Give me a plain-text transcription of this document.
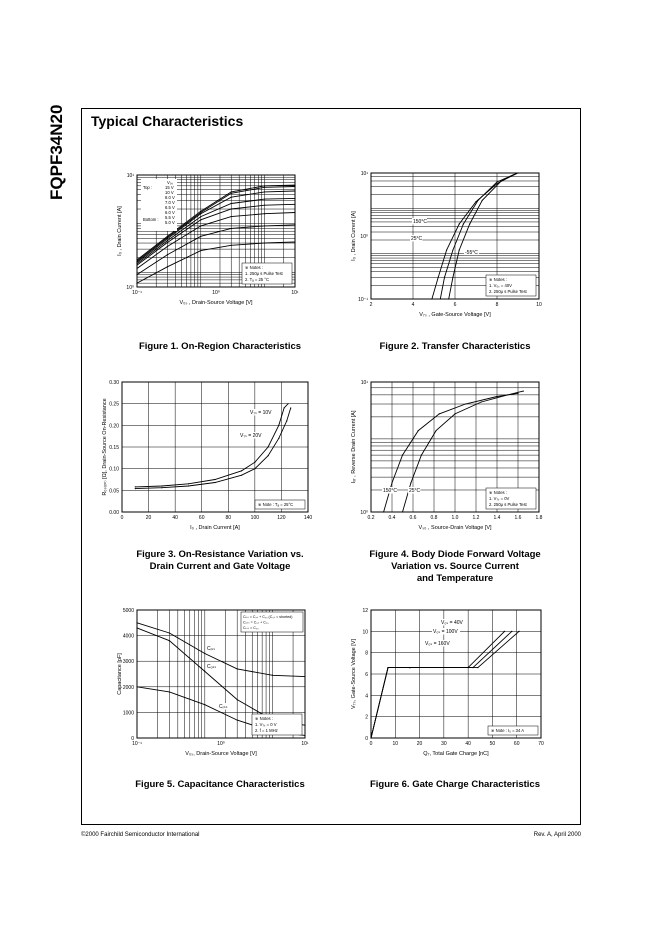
FQPF34N20 Typical Characteristics
10⁻¹	10⁰	10¹
10⁰
10¹
V₀ₛ , Drain-Source Voltage [V]
I₀ , Drain Current [A]
※ Notes :
1. 250μ s Pulse Test
2. Tₐ = 25 °C
V₀ₛ
Top :
Bottom :
15 V
10 V
8.0 V
7.0 V
6.5 V
6.0 V
5.5 V
5.0 V
2	4	6	8	10
10⁻¹
10⁰
10¹
V₇ₛ , Gate-Source Voltage [V]
I₀ , Drain Current [A]	150°C
25°C
-55°C
※ Notes :
1. V₀ₛ = 40V
2. 250μ s Pulse Test
0	20	40	60	80	100	120	140
0.00
0.05
0.10
0.15
0.20
0.25
0.30
I₀ , Drain Current [A]
R₀ₛ₍ₒₙ₎ [Ω], Drain-Source On-Resistance	V₇ₛ = 10V
V₇ₛ = 20V
※ Note : Tₐ = 25°C
0.2	0.4	0.6	0.8	1.0	1.2	1.4	1.6	1.8
10⁰
10¹
Vₛ₀ , Source-Drain Voltage [V]
I₀ᵣ , Reverse Drain Current [A]
150°C 25°C	※ Notes :
1. V₇ₛ = 0V
2. 250μ s Pulse Test
10⁻¹	10⁰	10¹
0
1000
2000
3000
4000
5000
V₀ₛ, Drain-Source Voltage [V]
Capacitance [pF]
Cᵢₛₛ
Cₒₛₛ
Cᵣₛₛ
※ Notes :
1. V₇ₛ = 0 V
2. f = 1 MHz
Cᵢₛₛ = C₇ₛ + C₇₀ (C₀ₛ = shorted)
Cₒₛₛ = C₀ₛ + C₇₀
Cᵣₛₛ = C₇₀
0	10	20	30	40	50	60	70
0
2
4
6
8
10
12
Q₇, Total Gate Charge [nC]
V₇ₛ, Gate-Source Voltage [V]
V₀ₛ = 40V
V₀ₛ = 100V
V₀ₛ = 160V
※ Note : I₀ = 34 A
Figure 1. On-Region Characteristics	Figure 2. Transfer Characteristics
Figure 3. On-Resistance Variation vs.
Drain Current and Gate Voltage
Figure 4. Body Diode Forward Voltage
Variation vs. Source Current
and Temperature
Figure 5. Capacitance Characteristics	Figure 6. Gate Charge Characteristics
©2000 Fairchild Semiconductor International	Rev. A, April 2000
